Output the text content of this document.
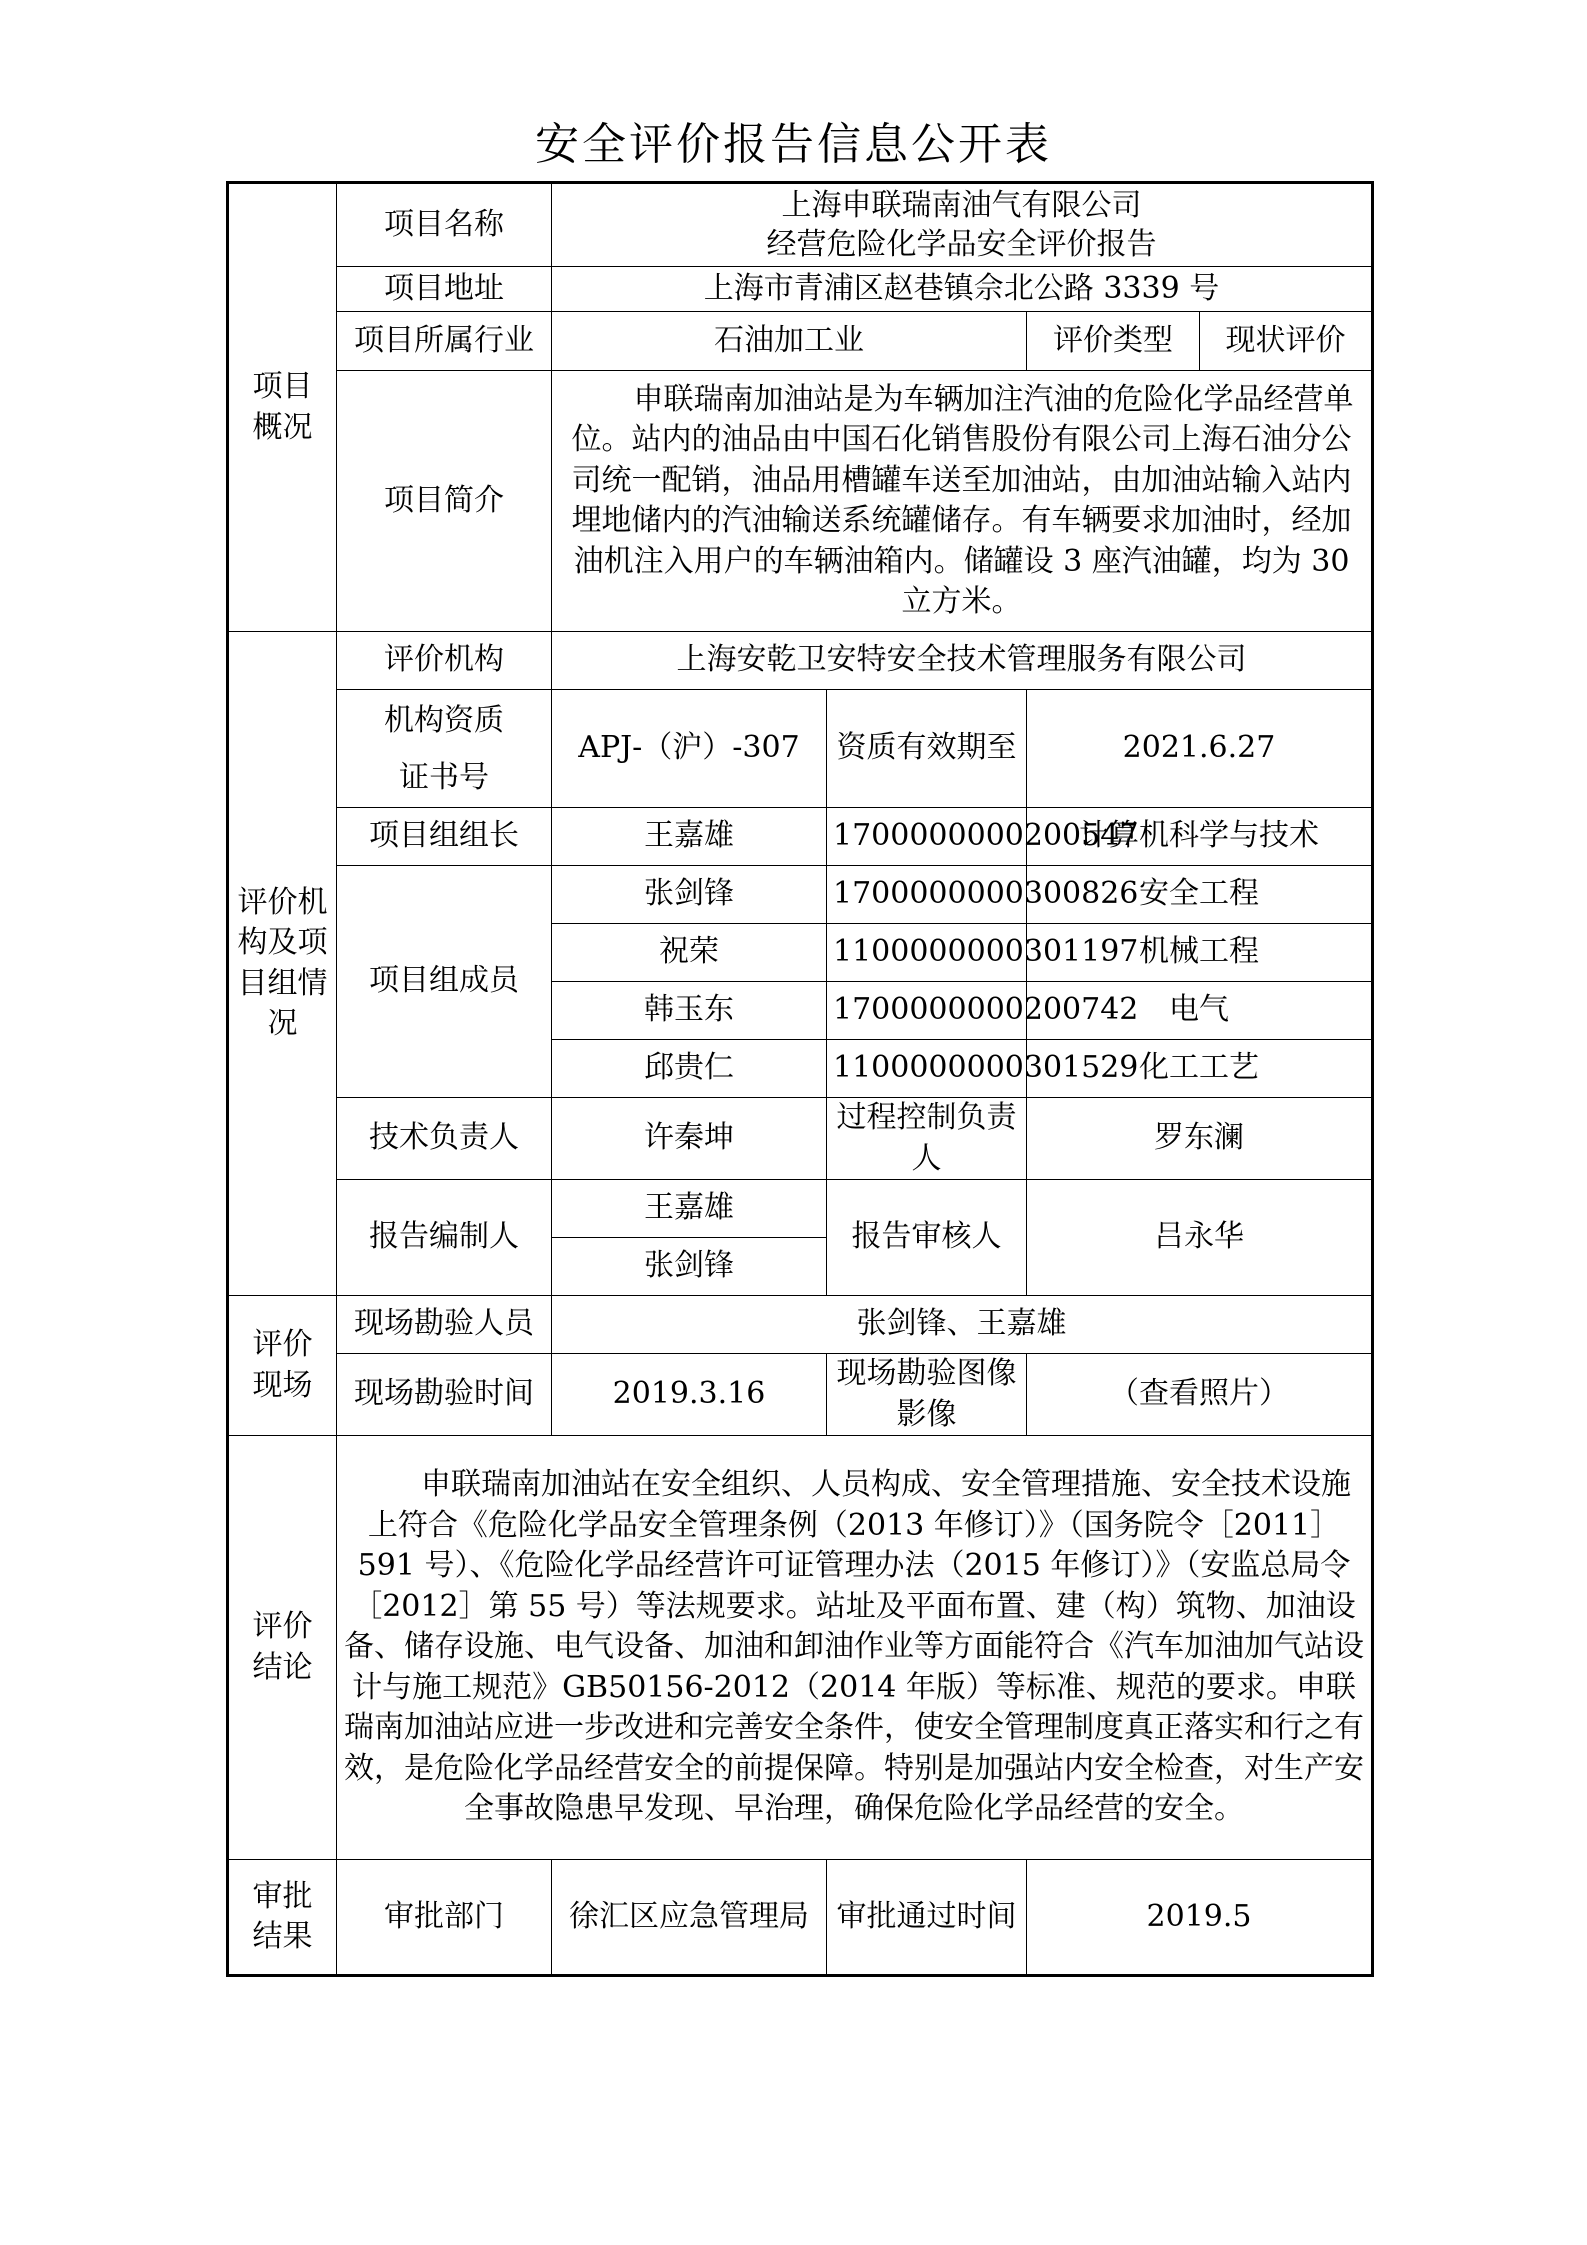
安全评价报告信息公开表
项目
概况	项目名称	上海申联瑞南油气有限公司
经营危险化学品安全评价报告
项目地址	上海市青浦区赵巷镇佘北公路 3339 号
项目所属行业	石油加工业		评价类型	现状评价

项目简介	申联瑞南加油站是为车辆加注汽油的危险化学品经营单位。站内的油品由中国石化销售股份有限公司上海石油分公司统一配销，油品用槽罐车送至加油站，由加油站输入站内埋地储内的汽油输送系统罐储存。有车辆要求加油时，经加油机注入用户的车辆油箱内。储罐设 3 座汽油罐，均为 30 立方米。

评价机
构及项
目组情
况	评价机构	上海安乾卫安特安全技术管理服务有限公司
机构资质
证书号	APJ-（沪）-307	资质有效期至	2021.6.27
项目组组长	王嘉雄	1700000000200547	计算机科学与技术
项目组成员	张剑锋	1700000000300826	安全工程
祝荣	1100000000301197	机械工程
韩玉东	1700000000200742	电气
邱贵仁	1100000000301529	化工工艺
技术负责人	许秦坤	过程控制负责人	罗东澜
报告编制人	王嘉雄	报告审核人	吕永华
张剑锋
评价
现场	现场勘验人员	张剑锋、王嘉雄
现场勘验时间	2019.3.16	现场勘验图像影像	（查看照片）
评价
结论	申联瑞南加油站在安全组织、人员构成、安全管理措施、安全技术设施上符合《危险化学品安全管理条例（2013 年修订）》（国务院令［2011］591 号）、《危险化学品经营许可证管理办法（2015 年修订）》（安监总局令［2012］第 55 号）等法规要求。站址及平面布置、建（构）筑物、加油设备、储存设施、电气设备、加油和卸油作业等方面能符合《汽车加油加气站设计与施工规范》GB50156-2012（2014 年版）等标准、规范的要求。申联瑞南加油站应进一步改进和完善安全条件，使安全管理制度真正落实和行之有效，是危险化学品经营安全的前提保障。特别是加强站内安全检查，对生产安全事故隐患早发现、早治理，确保危险化学品经营的安全。
审批
结果	审批部门	徐汇区应急管理局	审批通过时间	2019.5
